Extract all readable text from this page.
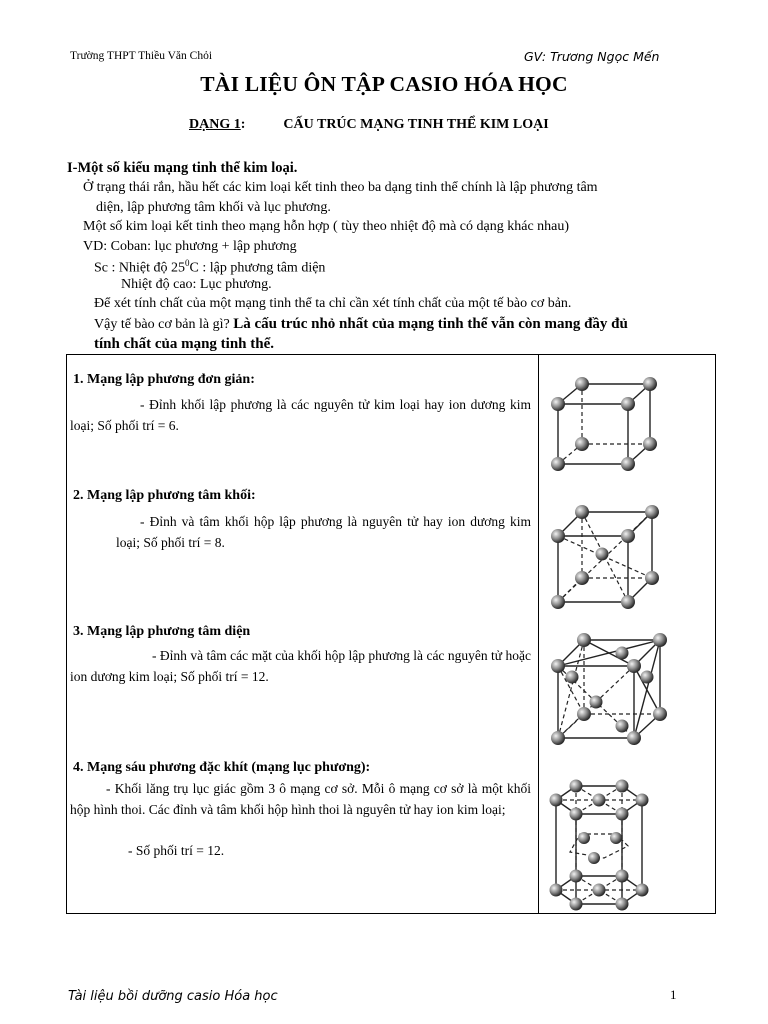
Trường THPT Thiều Văn Chỏi	GV: Trương Ngọc Mến
TÀI LIỆU ÔN TẬP CASIO HÓA HỌC
DẠNG 1:	CẤU TRÚC MẠNG TINH THỂ KIM LOẠI
I-Một số kiểu mạng tinh thể kim loại.
Ở trạng thái rắn, hầu hết các kim loại kết tinh theo ba dạng tinh thể chính là lập phương tâm
diện, lập phương tâm khối và lục phương.
Một số kim loại kết tinh theo mạng hỗn hợp ( tùy theo nhiệt độ mà có dạng khác nhau)
VD: Coban: lục phương + lập phương
Sc : Nhiệt độ $25^0C$ : lập phương tâm diện
Nhiệt độ cao: Lục phương.
Để xét tính chất của một mạng tinh thể ta chỉ cần xét tính chất của một tế bào cơ bản.
Vậy tế bào cơ bản là gì? Là cấu trúc nhỏ nhất của mạng tinh thể vẫn còn mang đầy đủ
tính chất của mạng tinh thể.
1. Mạng lập phương đơn giản:
- Đỉnh khối lập phương là các nguyên tử kim loại hay ion dương kim loại; Số phối trí = 6.
2. Mạng lập phương tâm khối:
- Đỉnh và tâm khối hộp lập phương là nguyên tử hay ion dương kim loại; Số phối trí = 8.
3. Mạng lập phương tâm diện
- Đỉnh và tâm các mặt của khối hộp lập phương là các nguyên tử hoặc ion dương kim loại; Số phối trí = 12.
4. Mạng sáu phương đặc khít (mạng lục phương):
- Khối lăng trụ lục giác gồm 3 ô mạng cơ sở. Mỗi ô mạng cơ sở là một khối hộp hình thoi. Các đỉnh và tâm khối hộp hình thoi là nguyên tử hay ion kim loại;
- Số phối trí = 12.
Tài liệu bồi dưỡng casio Hóa học	1
